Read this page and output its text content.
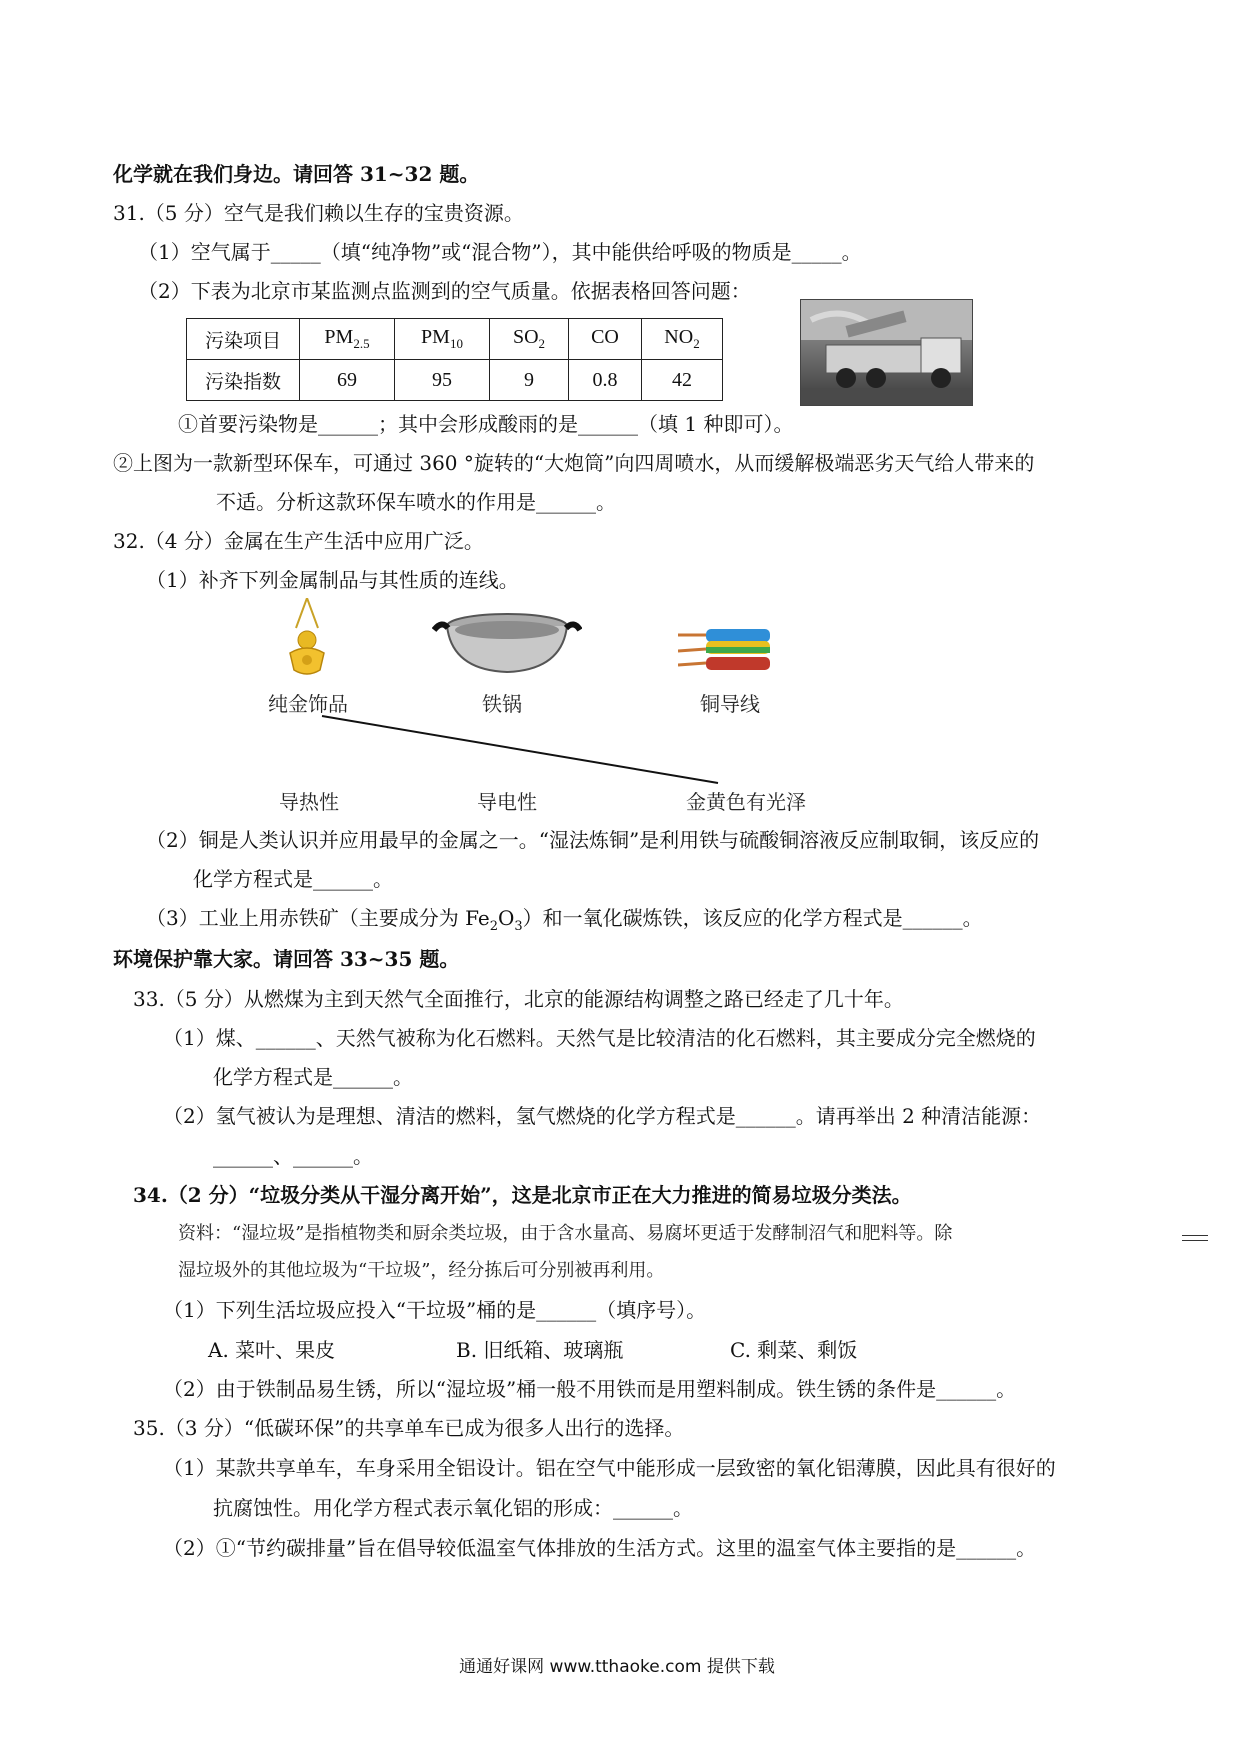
化学就在我们身边。请回答 31~32 题。
31.（5 分）空气是我们赖以生存的宝贵资源。
（1）空气属于_____（填“纯净物”或“混合物”），其中能供给呼吸的物质是_____。
（2）下表为北京市某监测点监测到的空气质量。依据表格回答问题：
污染项目	$PM_{2.5}$	$PM_{10}$	$SO_2$	CO	$NO_2$
污染指数	69	95	9	0.8	42
①首要污染物是______；其中会形成酸雨的是______（填 1 种即可）。
②上图为一款新型环保车，可通过 360 °旋转的“大炮筒”向四周喷水，从而缓解极端恶劣天气给人带来的
不适。分析这款环保车喷水的作用是______。
32.（4 分）金属在生产生活中应用广泛。
（1）补齐下列金属制品与其性质的连线。
纯金饰品	铁锅	铜导线
导热性	导电性	金黄色有光泽
（2）铜是人类认识并应用最早的金属之一。“湿法炼铜”是利用铁与硫酸铜溶液反应制取铜，该反应的
化学方程式是______。
（3）工业上用赤铁矿（主要成分为 $Fe_2O_3$）和一氧化碳炼铁，该反应的化学方程式是______。
环境保护靠大家。请回答 33~35 题。
33.（5 分）从燃煤为主到天然气全面推行，北京的能源结构调整之路已经走了几十年。
（1）煤、______、天然气被称为化石燃料。天然气是比较清洁的化石燃料，其主要成分完全燃烧的
化学方程式是______。
（2）氢气被认为是理想、清洁的燃料，氢气燃烧的化学方程式是______。请再举出 2 种清洁能源：
______、______。
34.（2 分）“垃圾分类从干湿分离开始”，这是北京市正在大力推进的简易垃圾分类法。
资料：“湿垃圾”是指植物类和厨余类垃圾，由于含水量高、易腐坏更适于发酵制沼气和肥料等。除
湿垃圾外的其他垃圾为“干垃圾”，经分拣后可分别被再利用。
（1）下列生活垃圾应投入“干垃圾”桶的是______（填序号）。
A. 菜叶、果皮	B. 旧纸箱、玻璃瓶	C. 剩菜、剩饭
（2）由于铁制品易生锈，所以“湿垃圾”桶一般不用铁而是用塑料制成。铁生锈的条件是______。
35.（3 分）“低碳环保”的共享单车已成为很多人出行的选择。
（1）某款共享单车，车身采用全铝设计。铝在空气中能形成一层致密的氧化铝薄膜，因此具有很好的
抗腐蚀性。用化学方程式表示氧化铝的形成：______。
（2）①“节约碳排量”旨在倡导较低温室气体排放的生活方式。这里的温室气体主要指的是______。
通通好课网 www.tthaoke.com 提供下载
